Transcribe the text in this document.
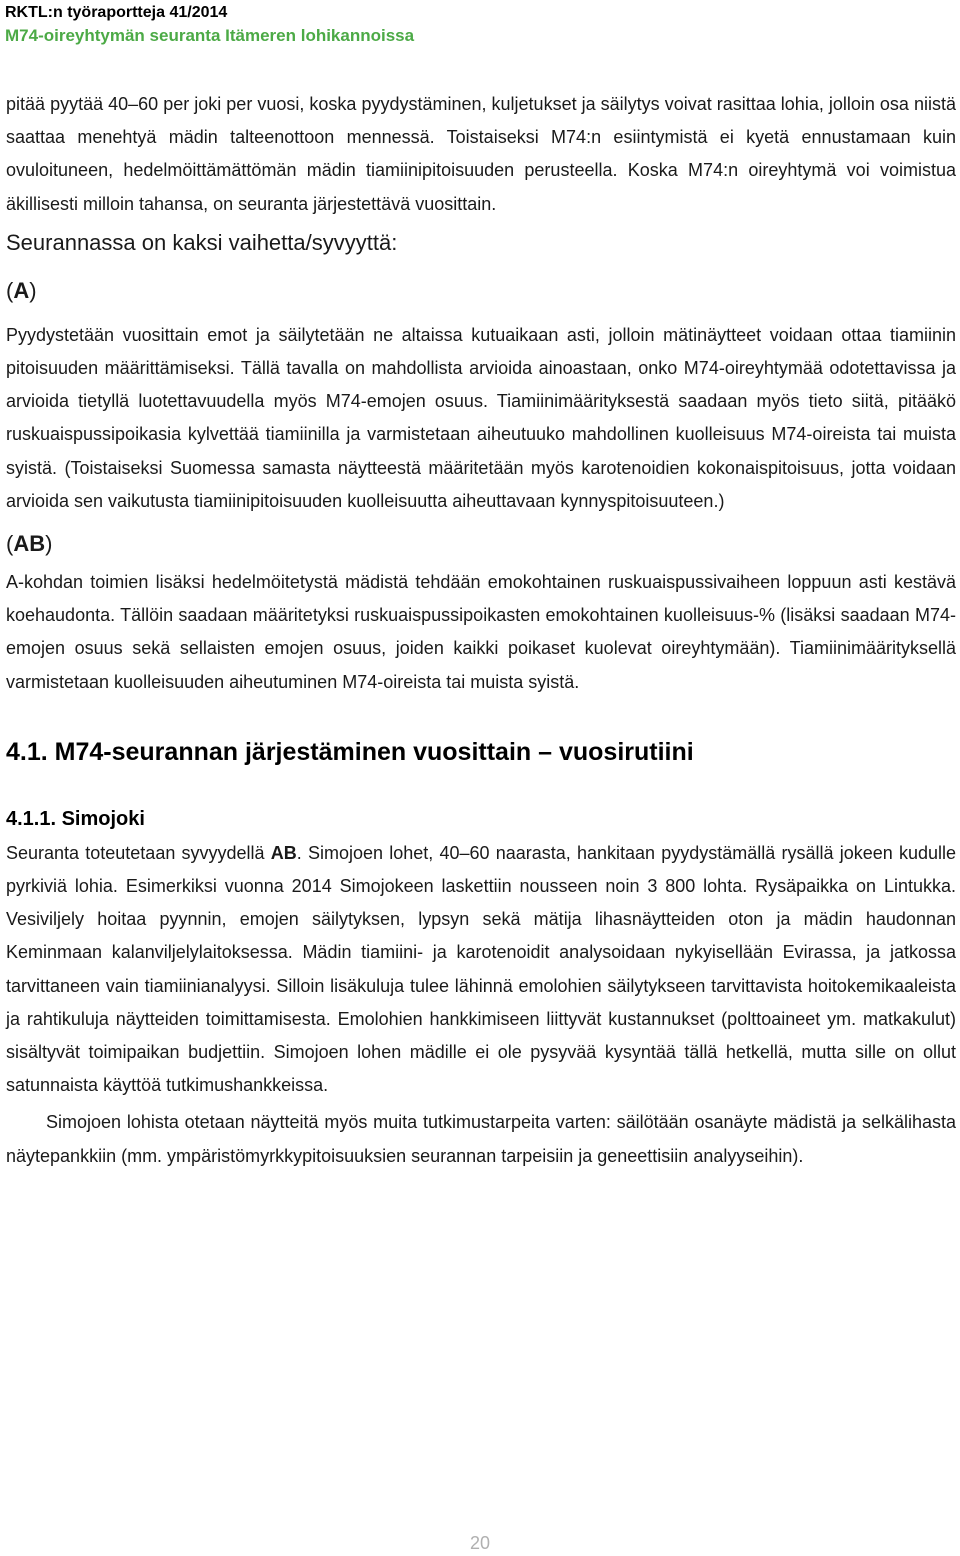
RKTL:n työraportteja 41/2014

M74-oireyhtymän seuranta Itämeren lohikannoissa

pitää pyytää 40–60 per joki per vuosi, koska pyydystäminen, kuljetukset ja säilytys voivat rasittaa lohia, jolloin osa niistä saattaa menehtyä mädin talteenottoon mennessä. Toistaiseksi M74:n esiintymistä ei kyetä ennustamaan kuin ovuloituneen, hedelmöittämättömän mädin tiamiinipitoisuuden perusteella. Koska M74:n oireyhtymä voi voimistua äkillisesti milloin tahansa, on seuranta järjestettävä vuosittain.

Seurannassa on kaksi vaihetta/syvyyttä:

(A)

Pyydystetään vuosittain emot ja säilytetään ne altaissa kutuaikaan asti, jolloin mätinäytteet voidaan ottaa tiamiinin pitoisuuden määrittämiseksi. Tällä tavalla on mahdollista arvioida ainoastaan, onko M74-oireyhtymää odotettavissa ja arvioida tietyllä luotettavuudella myös M74-emojen osuus. Tiamiinimäärityksestä saadaan myös tieto siitä, pitääkö ruskuaispussipoikasia kylvettää tiamiinilla ja varmistetaan aiheutuuko mahdollinen kuolleisuus M74-oireista tai muista syistä. (Toistaiseksi Suomessa samasta näytteestä määritetään myös karotenoidien kokonaispitoisuus, jotta voidaan arvioida sen vaikutusta tiamiinipitoisuuden kuolleisuutta aiheuttavaan kynnyspitoisuuteen.)

(AB)

A-kohdan toimien lisäksi hedelmöitetystä mädistä tehdään emokohtainen ruskuaispussivaiheen loppuun asti kestävä koehaudonta. Tällöin saadaan määritetyksi ruskuaispussipoikasten emokohtainen kuolleisuus-% (lisäksi saadaan M74-emojen osuus sekä sellaisten emojen osuus, joiden kaikki poikaset kuolevat oireyhtymään). Tiamiinimäärityksellä varmistetaan kuolleisuuden aiheutuminen M74-oireista tai muista syistä.

4.1. M74-seurannan järjestäminen vuosittain – vuosirutiini
4.1.1. Simojoki

Seuranta toteutetaan syvyydellä AB. Simojoen lohet, 40–60 naarasta, hankitaan pyydystämällä rysällä jokeen kudulle pyrkiviä lohia. Esimerkiksi vuonna 2014 Simojokeen laskettiin nousseen noin 3 800 lohta. Rysäpaikka on Lintukka. Vesiviljely hoitaa pyynnin, emojen säilytyksen, lypsyn sekä mätija lihasnäytteiden oton ja mädin haudonnan Keminmaan kalanviljelylaitoksessa. Mädin tiamiini- ja karotenoidit analysoidaan nykyisellään Evirassa, ja jatkossa tarvittaneen vain tiamiinianalyysi. Silloin lisäkuluja tulee lähinnä emolohien säilytykseen tarvittavista hoitokemikaaleista ja rahtikuluja näytteiden toimittamisesta. Emolohien hankkimiseen liittyvät kustannukset (polttoaineet ym. matkakulut) sisältyvät toimipaikan budjettiin. Simojoen lohen mädille ei ole pysyvää kysyntää tällä hetkellä, mutta sille on ollut satunnaista käyttöä tutkimushankkeissa.

Simojoen lohista otetaan näytteitä myös muita tutkimustarpeita varten: säilötään osanäyte mädistä ja selkälihasta näytepankkiin (mm. ympäristömyrkkypitoisuuksien seurannan tarpeisiin ja geneettisiin analyyseihin).

20
